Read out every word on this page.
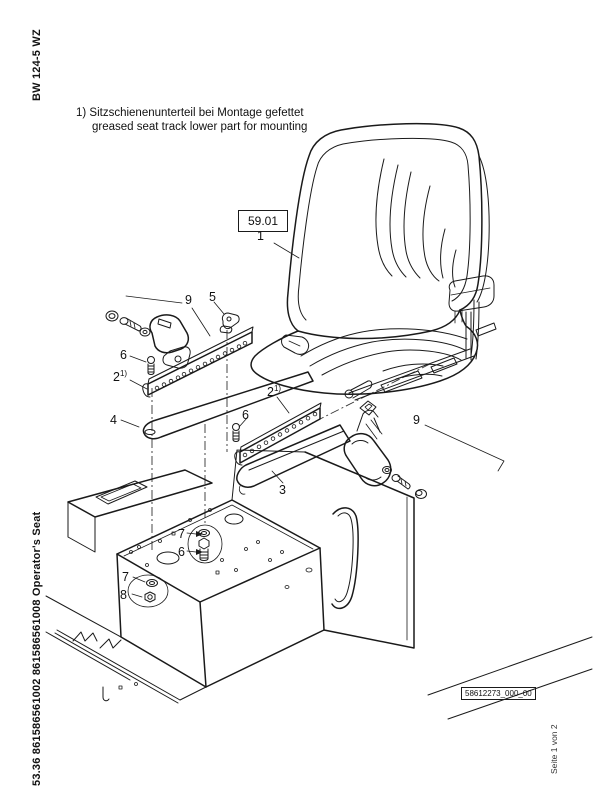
BW 124-5 WZ
53.36 861586561002 861586561008 Operator's Seat	Seite 1 von 2
1) Sitzschienenunterteil bei Montage gefettet
greased seat track lower part for mounting
59.01
58612273_000_00
1
9 5
6
2$^{1)}$
4
2$^{1)}$
6
3
9
7
6
7
8
